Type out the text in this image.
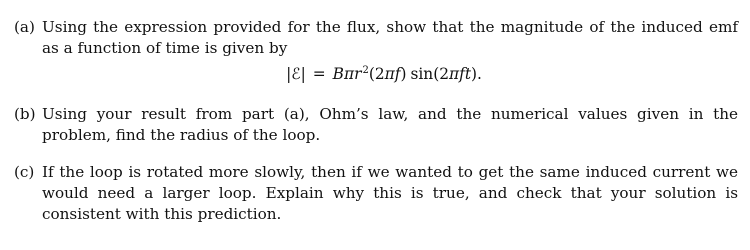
(a) Using the expression provided for the flux, show that the magnitude of the induced emf as a function of time is given by
|ℰ| = Bπr$^2$(2πf) sin(2πft).
(b) Using your result from part (a), Ohm’s law, and the numerical values given in the problem, find the radius of the loop.
(c) If the loop is rotated more slowly, then if we wanted to get the same induced current we would need a larger loop. Explain why this is true, and check that your solution is consistent with this prediction.
